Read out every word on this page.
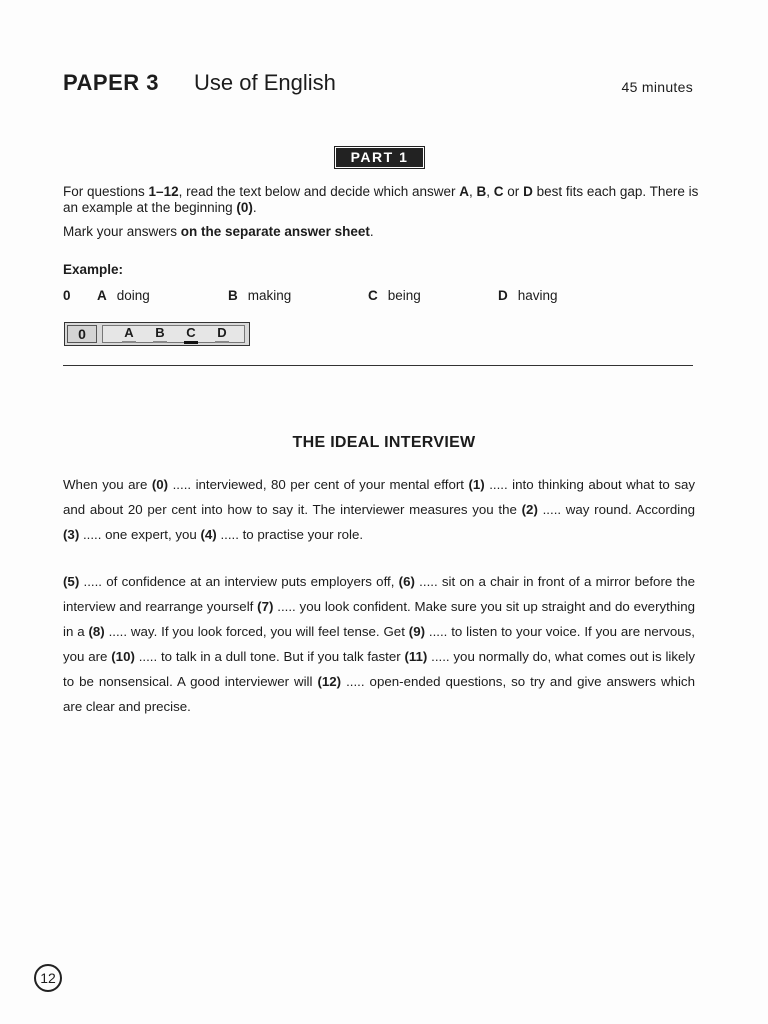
PAPER 3 Use of English	45 minutes
PART 1
For questions 1–12, read the text below and decide which answer A, B, C or D best fits each gap. There is an example at the beginning (0).
Mark your answers on the separate answer sheet.
Example:
0 A doing	B making	C being	D having
0	A B C D
THE IDEAL INTERVIEW
When you are (0) ..... interviewed, 80 per cent of your mental effort (1) ..... into thinking about what to say and about 20 per cent into how to say it. The interviewer measures you the (2) ..... way round. According (3) ..... one expert, you (4) ..... to practise your role.
(5) ..... of confidence at an interview puts employers off, (6) ..... sit on a chair in front of a mirror before the interview and rearrange yourself (7) ..... you look confident. Make sure you sit up straight and do everything in a (8) ..... way. If you look forced, you will feel tense. Get (9) ..... to listen to your voice. If you are nervous, you are (10) ..... to talk in a dull tone. But if you talk faster (11) ..... you normally do, what comes out is likely to be nonsensical. A good interviewer will (12) ..... open-ended questions, so try and give answers which are clear and precise.
12
